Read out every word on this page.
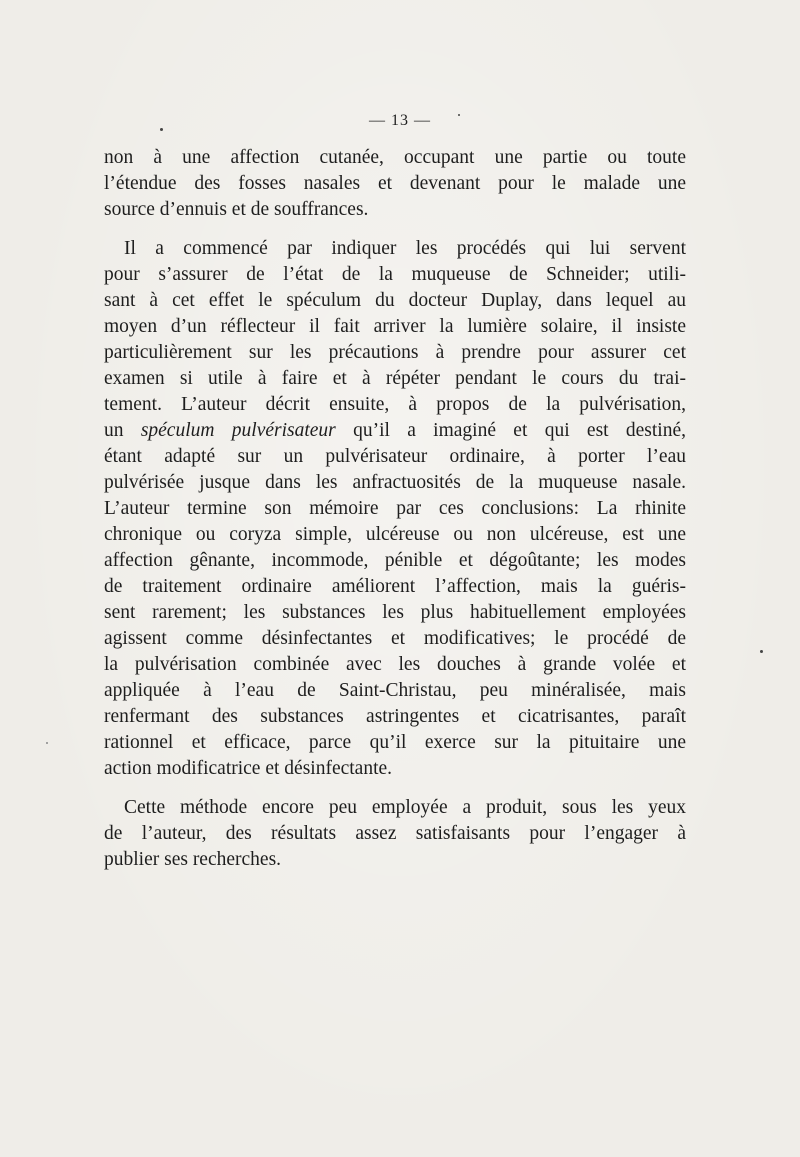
— 13 —
non à une affection cutanée, occupant une partie ou toute
l’étendue des fosses nasales et devenant pour le malade une
source d’ennuis et de souffrances.
Il a commencé par indiquer les procédés qui lui servent
pour s’assurer de l’état de la muqueuse de Schneider; utili-
sant à cet effet le spéculum du docteur Duplay, dans lequel au
moyen d’un réflecteur il fait arriver la lumière solaire, il insiste
particulièrement sur les précautions à prendre pour assurer cet
examen si utile à faire et à répéter pendant le cours du trai-
tement. L’auteur décrit ensuite, à propos de la pulvérisation,
un spéculum pulvérisateur qu’il a imaginé et qui est destiné,
étant adapté sur un pulvérisateur ordinaire, à porter l’eau
pulvérisée jusque dans les anfractuosités de la muqueuse nasale.
L’auteur termine son mémoire par ces conclusions: La rhinite
chronique ou coryza simple, ulcéreuse ou non ulcéreuse, est une
affection gênante, incommode, pénible et dégoûtante; les modes
de traitement ordinaire améliorent l’affection, mais la guéris-
sent rarement; les substances les plus habituellement employées
agissent comme désinfectantes et modificatives; le procédé de
la pulvérisation combinée avec les douches à grande volée et
appliquée à l’eau de Saint-Christau, peu minéralisée, mais
renfermant des substances astringentes et cicatrisantes, paraît
rationnel et efficace, parce qu’il exerce sur la pituitaire une
action modificatrice et désinfectante.
Cette méthode encore peu employée a produit, sous les yeux
de l’auteur, des résultats assez satisfaisants pour l’engager à
publier ses recherches.
